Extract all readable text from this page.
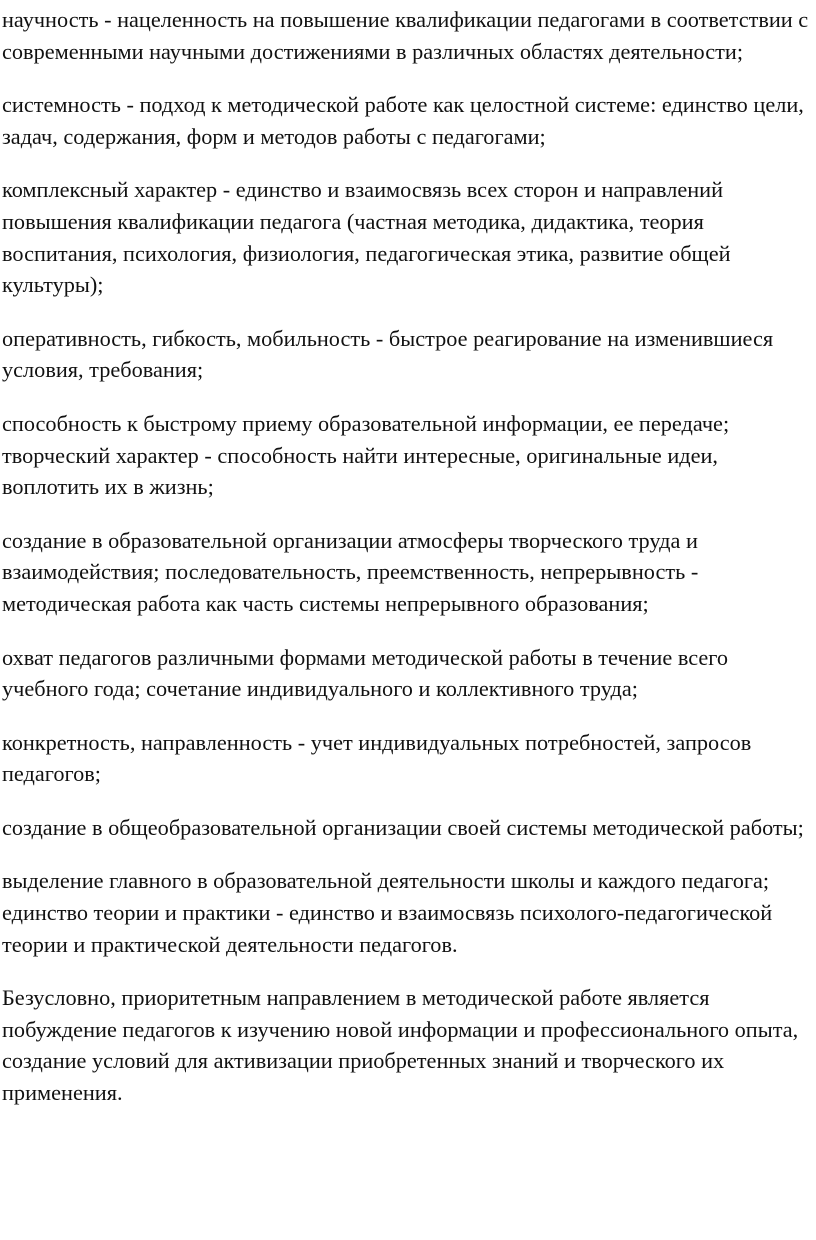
научность - нацеленность на повышение квалификации педагогами в соответствии с современными научными достижениями в различных областях деятельности;

системность - подход к методической работе как целостной системе: единство цели, задач, содержания, форм и методов работы с педагогами;

комплексный характер - единство и взаимосвязь всех сторон и направлений повышения квалификации педагога (частная методика, дидактика, теория воспитания, психология, физиология, педагогическая этика, развитие общей культуры);

оперативность, гибкость, мобильность - быстрое реагирование на изменившиеся условия, требования;

способность к быстрому приему образовательной информации, ее передаче; творческий характер - способность найти интересные, оригинальные идеи, воплотить их в жизнь;

создание в образовательной организации атмосферы творческого труда и взаимодействия; последовательность, преемственность, непрерывность - методическая работа как часть системы непрерывного образования;

охват педагогов различными формами методической работы в течение всего учебного года; сочетание индивидуального и коллективного труда;

конкретность, направленность - учет индивидуальных потребностей, запросов педагогов;

создание в общеобразовательной организации своей системы методической работы;

выделение главного в образовательной деятельности школы и каждого педагога; единство теории и практики - единство и взаимосвязь психолого-педагогической теории и практической деятельности педагогов.

Безусловно, приоритетным направлением в методической работе является побуждение педагогов к изучению новой информации и профессионального опыта, создание условий для активизации приобретенных знаний и творческого их применения.
